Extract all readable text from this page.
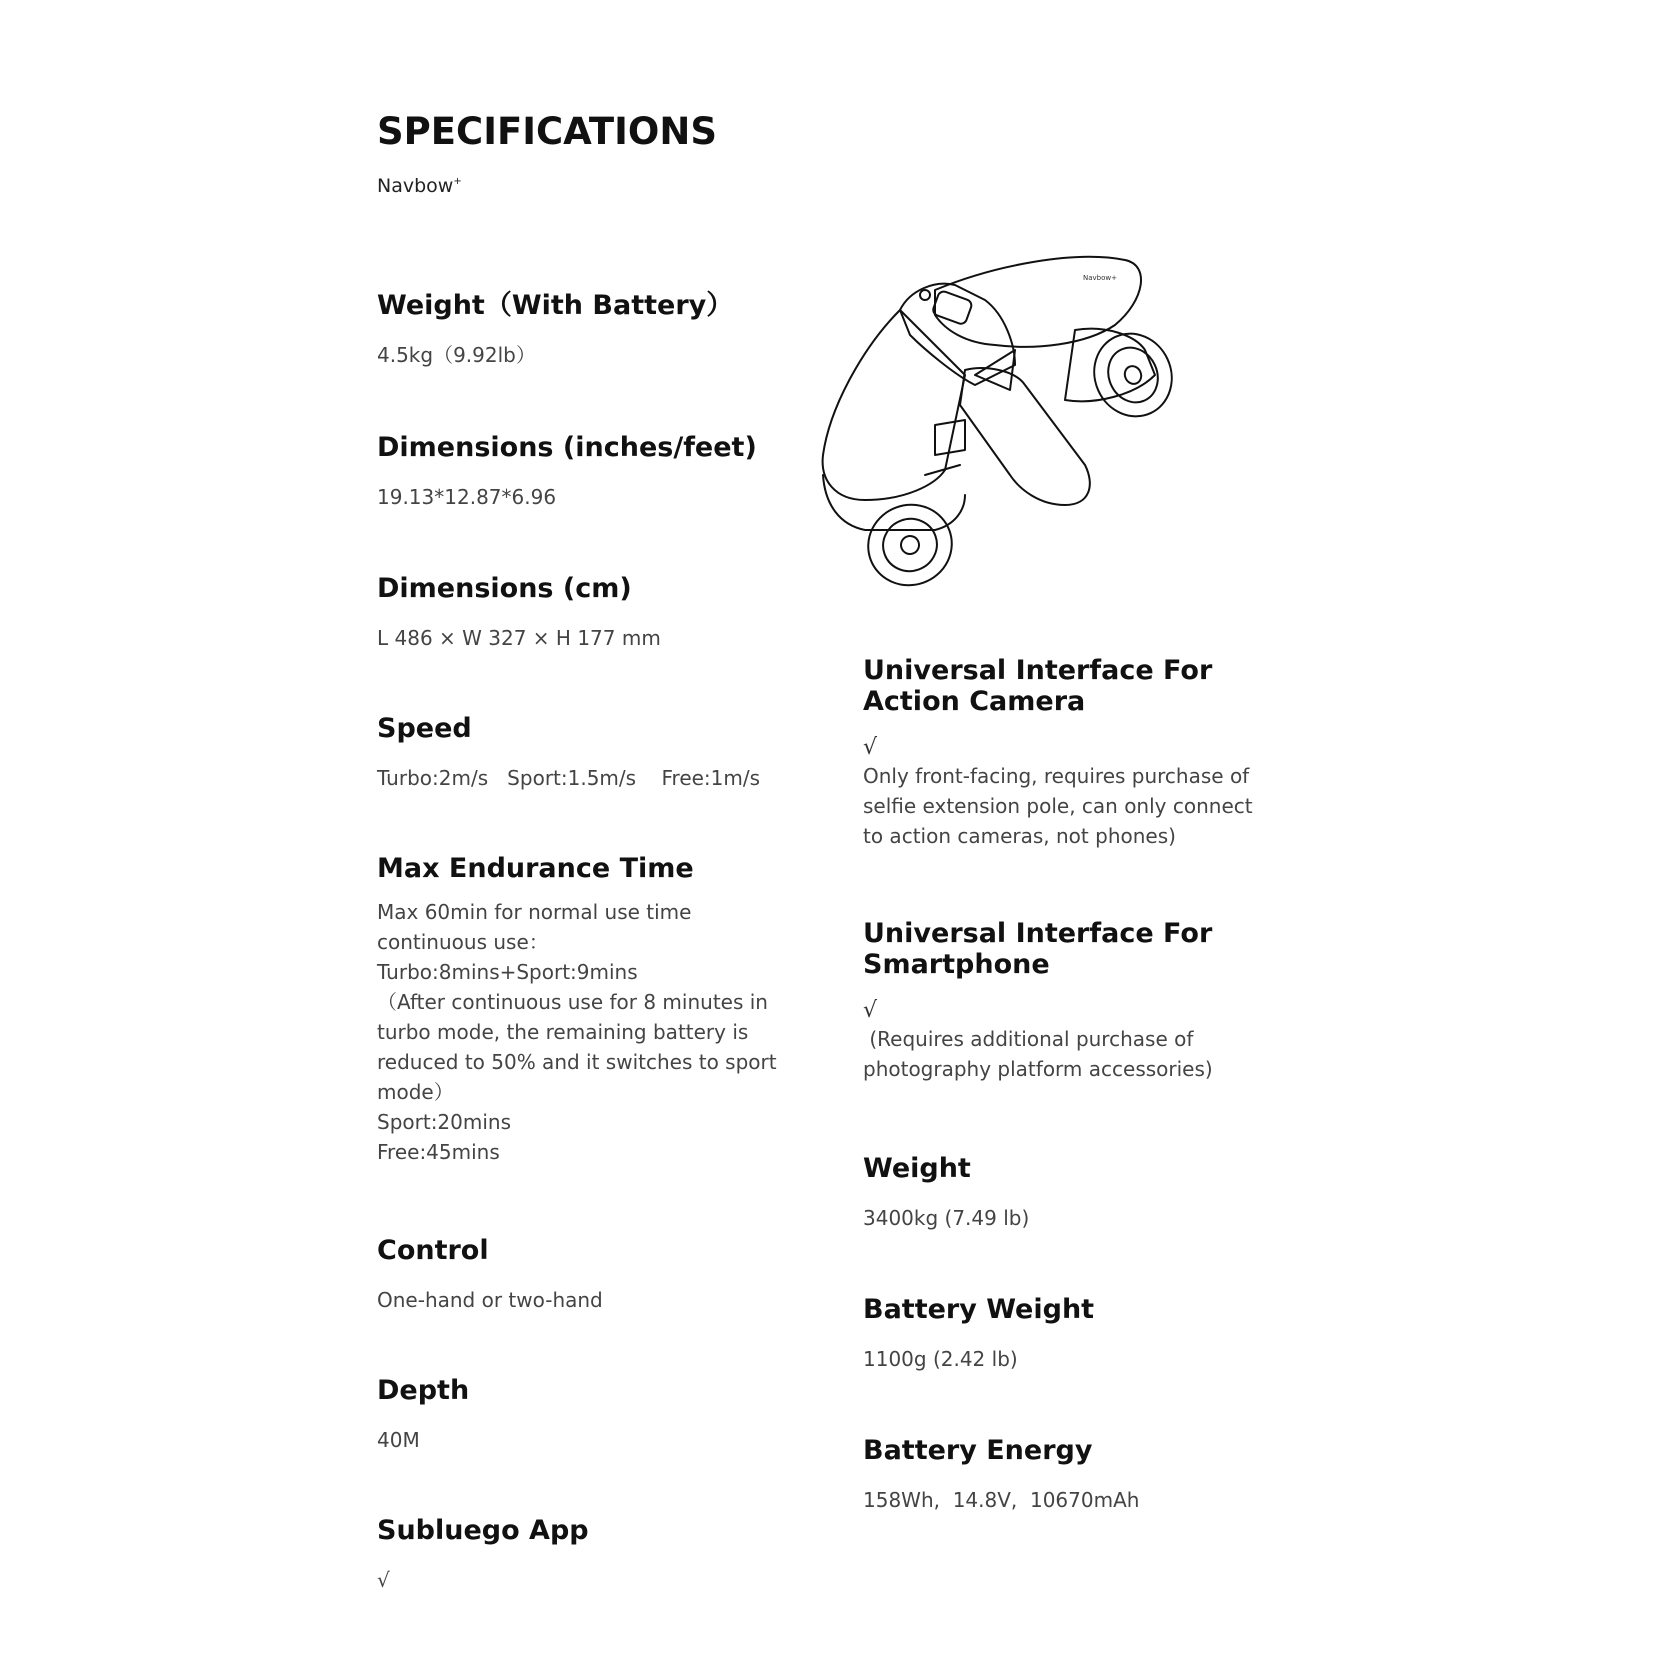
SPECIFICATIONS
Navbow+
Weight（With Battery）
4.5kg（9.92lb）
Dimensions (inches/feet)
19.13*12.87*6.96
Dimensions (cm)
L 486 × W 327 × H 177 mm
Speed
Turbo:2m/s   Sport:1.5m/s    Free:1m/s
Max Endurance Time
Max 60min for normal use time
continuous use：
Turbo:8mins+Sport:9mins
（After continuous use for 8 minutes in
turbo mode, the remaining battery is
reduced to 50% and it switches to sport
mode）
Sport:20mins
Free:45mins
Control
One-hand or two-hand
Depth
40M
Subluego App
√
Navbow+
Universal Interface For
Action Camera
√
Only front-facing, requires purchase of
selfie extension pole, can only connect
to action cameras, not phones)
Universal Interface For
Smartphone
√
(Requires additional purchase of
photography platform accessories)
Weight
3400kg (7.49 lb)
Battery Weight
1100g (2.42 lb)
Battery Energy
158Wh,  14.8V,  10670mAh
